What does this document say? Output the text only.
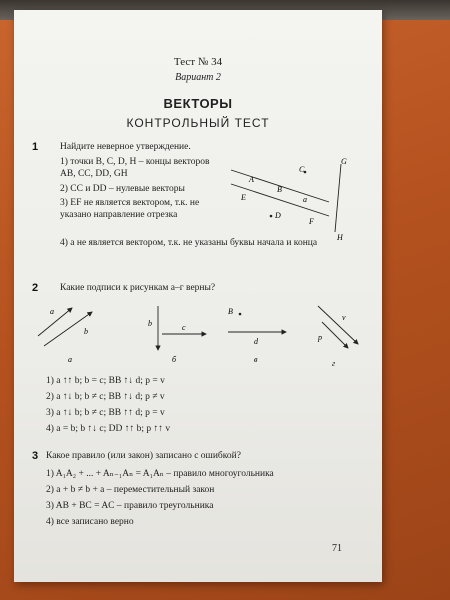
Тест № 34
Вариант 2
ВЕКТОРЫ
КОНТРОЛЬНЫЙ ТЕСТ
1 Найдите неверное утверждение.
1) точки B, C, D, H – концы векторов AB, CC, DD, GH
2) CC и DD – нулевые векторы
3) EF не является вектором, т.к. не указано направление отрезка
4) a не является вектором, т.к. не указаны буквы начала и конца
C
G
A
B
a
E
D
F
H
2 Какие подписи к рисункам а–г верны?
a
b
а
b	c
б
B
d
в
p
v
г
1) a ↑↑ b; b = c; BB ↑↓ d; p = v
2) a ↑↓ b; b ≠ c; BB ↑↓ d; p ≠ v
3) a ↑↓ b; b ≠ c; BB ↑↑ d; p = v
4) a = b; b ↑↓ c; DD ↑↑ b; p ↑↑ v
3 Какое правило (или закон) записано с ошибкой?
1) A₁A₂ + ... + Aₙ₋₁Aₙ = A₁Aₙ – правило многоугольника
2) a + b ≠ b + a – переместительный закон
3) AB + BC = AC – правило треугольника
4) все записано верно
71
